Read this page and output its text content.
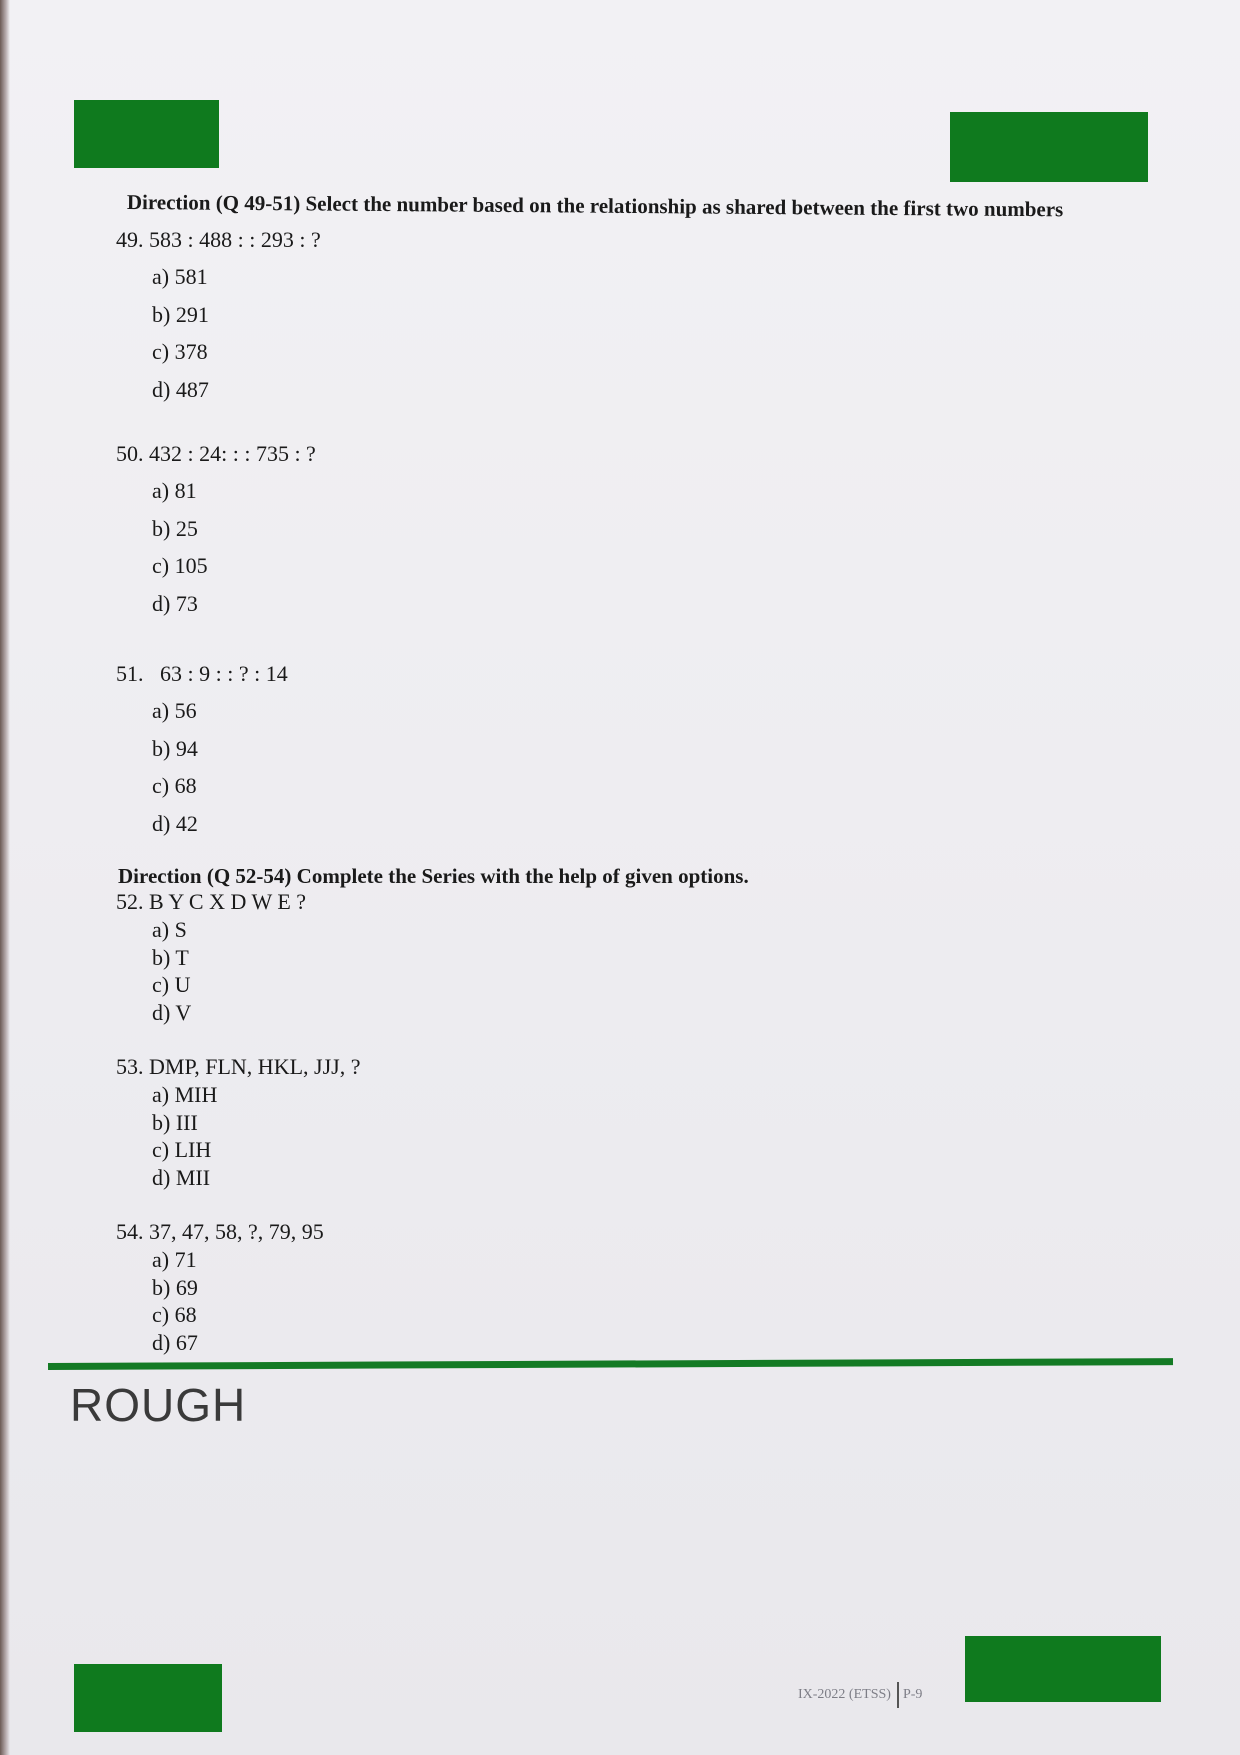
Direction (Q 49-51) Select the number based on the relationship as shared between the first two numbers
49. 583 : 488 : : 293 : ?
a) 581
b) 291
c) 378
d) 487
50. 432 : 24: : : 735 : ?
a) 81
b) 25
c) 105
d) 73
51.   63 : 9 : : ? : 14
a) 56
b) 94
c) 68
d) 42
Direction (Q 52-54) Complete the Series with the help of given options.
52. B Y C X D W E ?
a) S
b) T
c) U
d) V
53. DMP, FLN, HKL, JJJ, ?
a) MIH
b) III
c) LIH
d) MII
54. 37, 47, 58, ?, 79, 95
a) 71
b) 69
c) 68
d) 67
ROUGH
IX-2022 (ETSS) P-9
